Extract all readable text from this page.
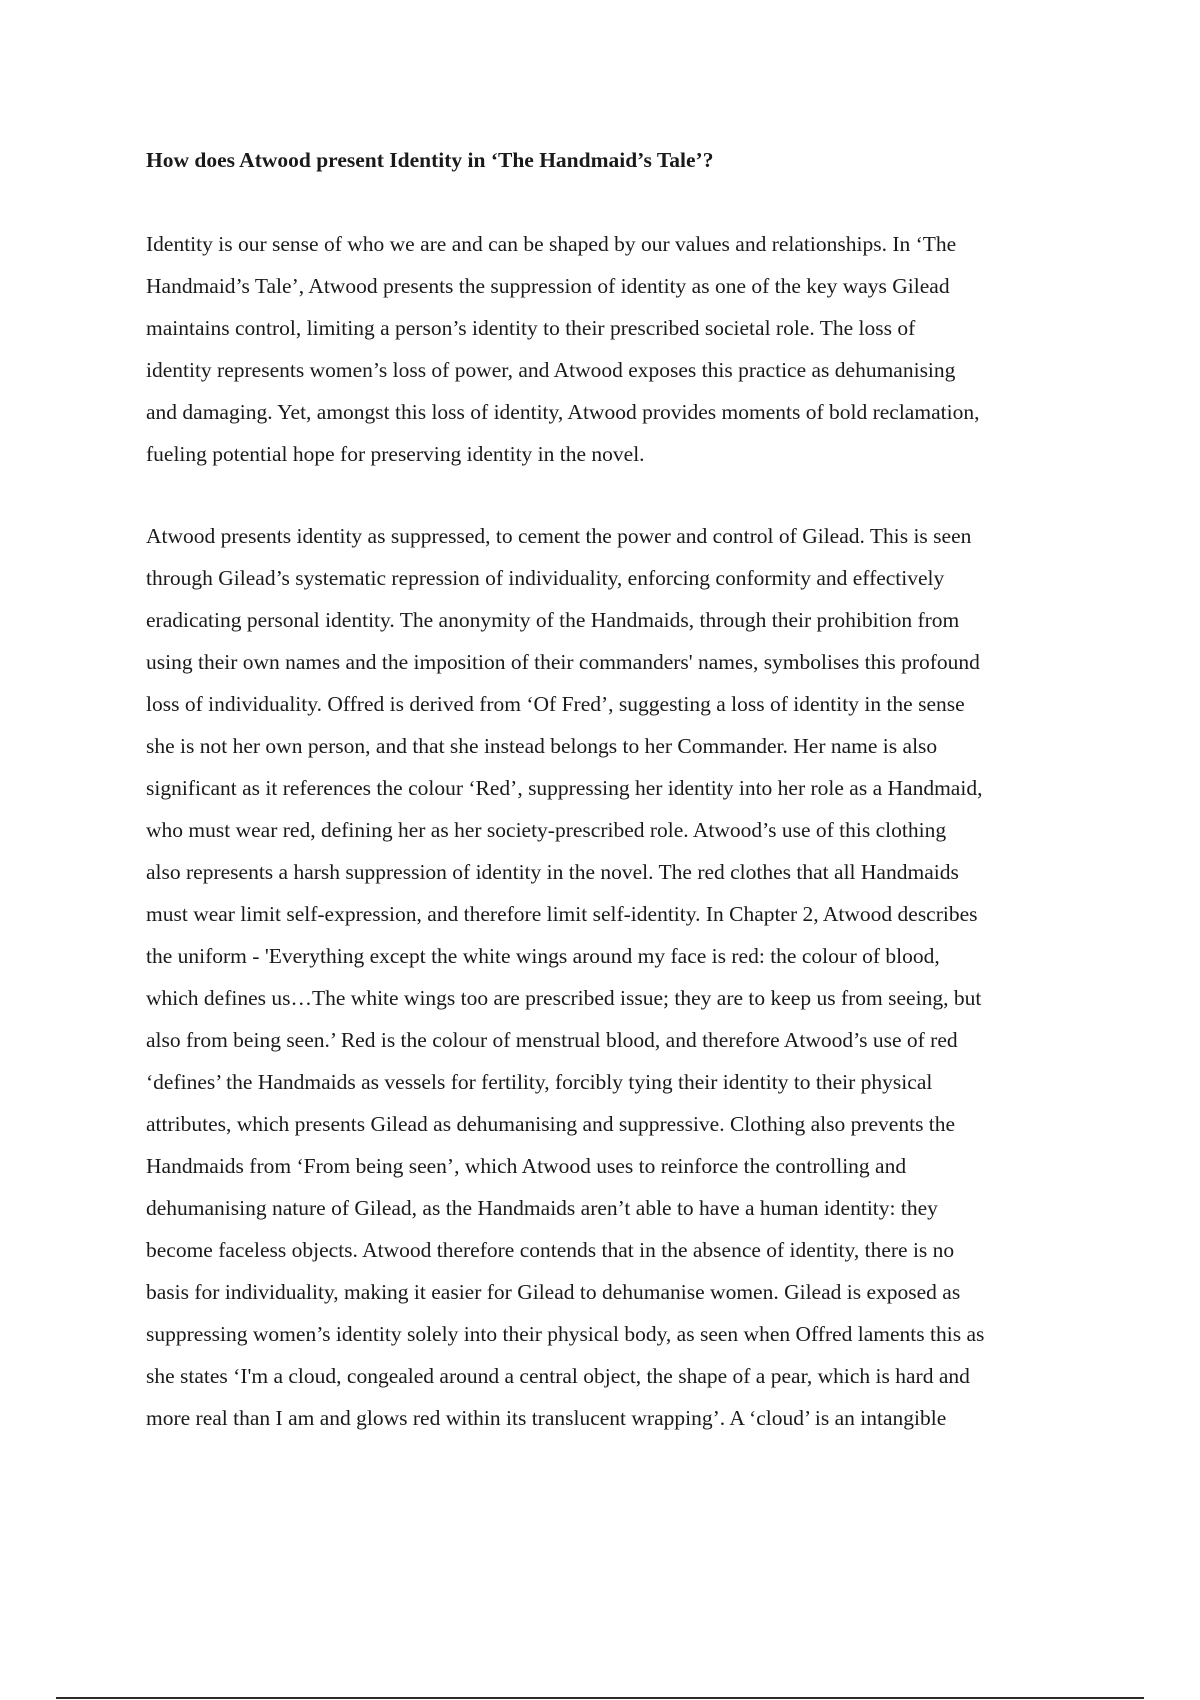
How does Atwood present Identity in ‘The Handmaid’s Tale’?
Identity is our sense of who we are and can be shaped by our values and relationships. In ‘The
Handmaid’s Tale’, Atwood presents the suppression of identity as one of the key ways Gilead
maintains control, limiting a person’s identity to their prescribed societal role. The loss of
identity represents women’s loss of power, and Atwood exposes this practice as dehumanising
and damaging. Yet, amongst this loss of identity, Atwood provides moments of bold reclamation,
fueling potential hope for preserving identity in the novel.
Atwood presents identity as suppressed, to cement the power and control of Gilead. This is seen
through Gilead’s systematic repression of individuality, enforcing conformity and effectively
eradicating personal identity. The anonymity of the Handmaids, through their prohibition from
using their own names and the imposition of their commanders' names, symbolises this profound
loss of individuality. Offred is derived from ‘Of Fred’, suggesting a loss of identity in the sense
she is not her own person, and that she instead belongs to her Commander. Her name is also
significant as it references the colour ‘Red’, suppressing her identity into her role as a Handmaid,
who must wear red, defining her as her society-prescribed role. Atwood’s use of this clothing
also represents a harsh suppression of identity in the novel. The red clothes that all Handmaids
must wear limit self-expression, and therefore limit self-identity. In Chapter 2, Atwood describes
the uniform - 'Everything except the white wings around my face is red: the colour of blood,
which defines us…The white wings too are prescribed issue; they are to keep us from seeing, but
also from being seen.’ Red is the colour of menstrual blood, and therefore Atwood’s use of red
‘defines’ the Handmaids as vessels for fertility, forcibly tying their identity to their physical
attributes, which presents Gilead as dehumanising and suppressive. Clothing also prevents the
Handmaids from ‘From being seen’, which Atwood uses to reinforce the controlling and
dehumanising nature of Gilead, as the Handmaids aren’t able to have a human identity: they
become faceless objects. Atwood therefore contends that in the absence of identity, there is no
basis for individuality, making it easier for Gilead to dehumanise women. Gilead is exposed as
suppressing women’s identity solely into their physical body, as seen when Offred laments this as
she states ‘I'm a cloud, congealed around a central object, the shape of a pear, which is hard and
more real than I am and glows red within its translucent wrapping’. A ‘cloud’ is an intangible
